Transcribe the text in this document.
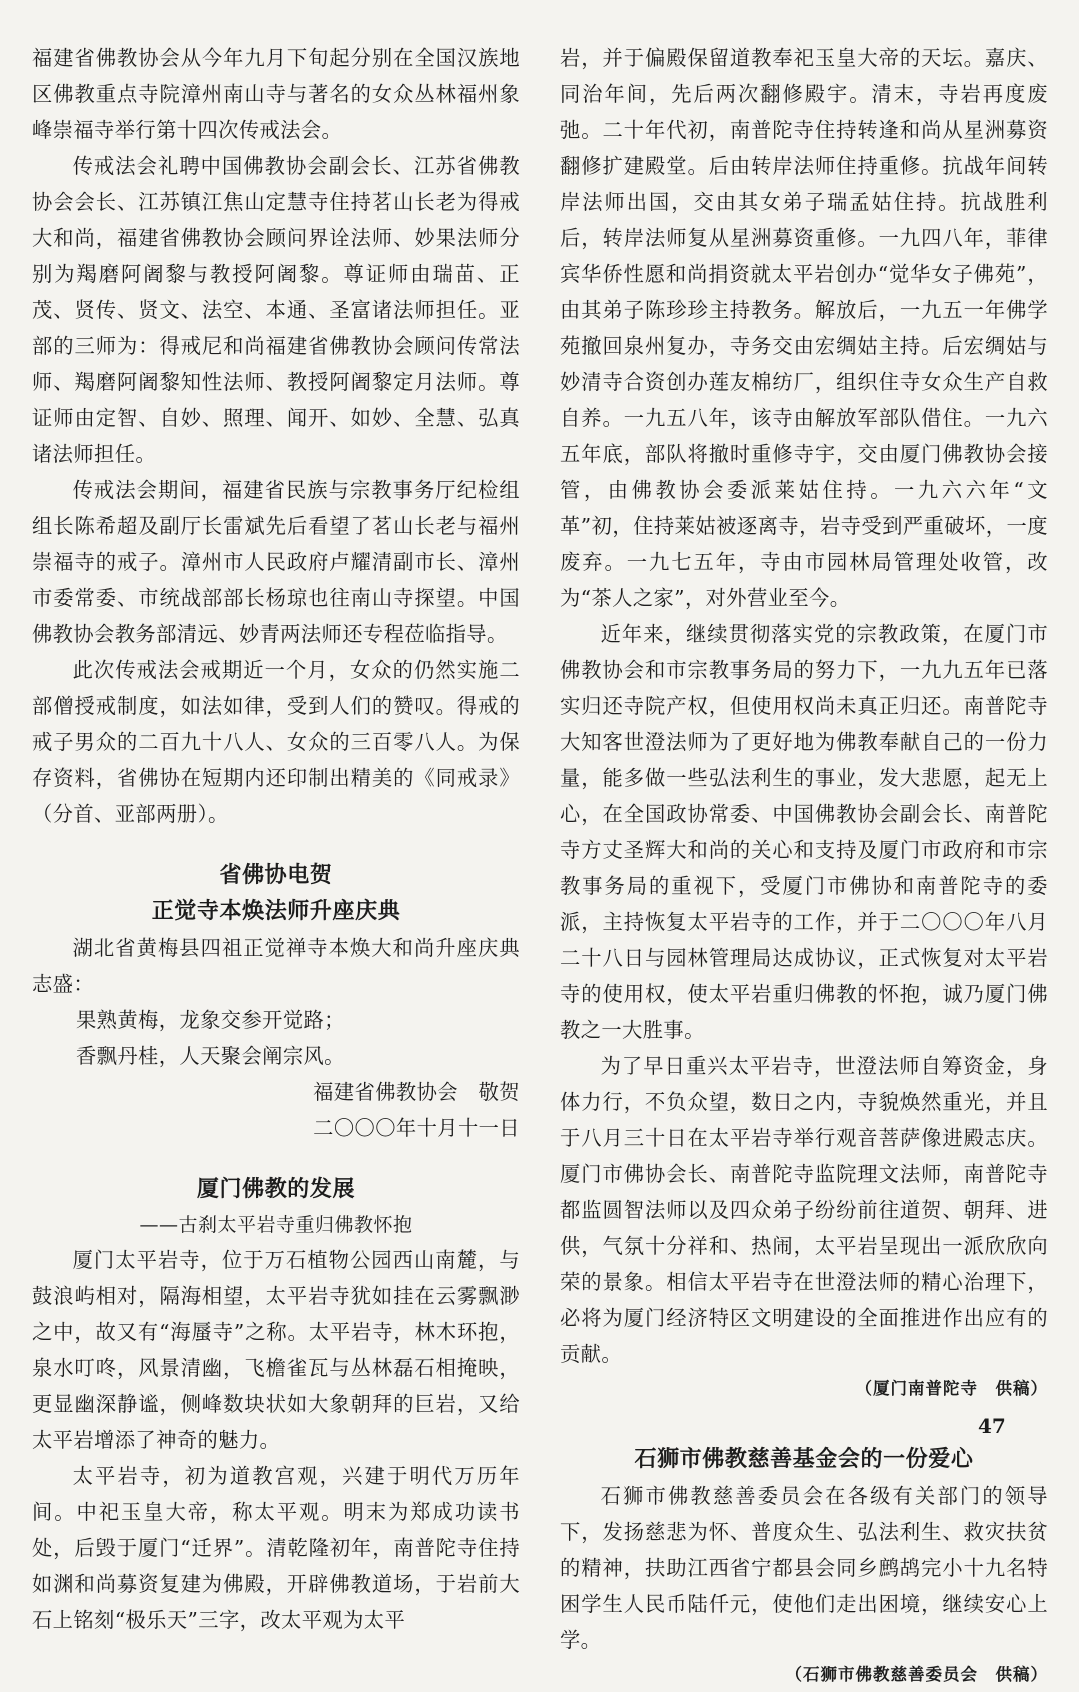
福建省佛教协会从今年九月下旬起分别在全国汉族地区佛教重点寺院漳州南山寺与著名的女众丛林福州象峰崇福寺举行第十四次传戒法会。

传戒法会礼聘中国佛教协会副会长、江苏省佛教协会会长、江苏镇江焦山定慧寺住持茗山长老为得戒大和尚，福建省佛教协会顾问界诠法师、妙果法师分别为羯磨阿阇黎与教授阿阇黎。尊证师由瑞苗、正茂、贤传、贤文、法空、本通、圣富诸法师担任。亚部的三师为：得戒尼和尚福建省佛教协会顾问传常法师、羯磨阿阇黎知性法师、教授阿阇黎定月法师。尊证师由定智、自妙、照理、闻开、如妙、全慧、弘真诸法师担任。

传戒法会期间，福建省民族与宗教事务厅纪检组组长陈希超及副厅长雷斌先后看望了茗山长老与福州崇福寺的戒子。漳州市人民政府卢耀清副市长、漳州市委常委、市统战部部长杨琼也往南山寺探望。中国佛教协会教务部清远、妙青两法师还专程莅临指导。

此次传戒法会戒期近一个月，女众的仍然实施二部僧授戒制度，如法如律，受到人们的赞叹。得戒的戒子男众的二百九十八人、女众的三百零八人。为保存资料，省佛协在短期内还印制出精美的《同戒录》（分首、亚部两册）。

省佛协电贺
正觉寺本焕法师升座庆典

湖北省黄梅县四祖正觉禅寺本焕大和尚升座庆典志盛：

果熟黄梅，龙象交参开觉路；

香飘丹桂，人天聚会阐宗风。

福建省佛教协会　敬贺

二〇〇〇年十月十一日

厦门佛教的发展
——古刹太平岩寺重归佛教怀抱

厦门太平岩寺，位于万石植物公园西山南麓，与鼓浪屿相对，隔海相望，太平岩寺犹如挂在云雾飘渺之中，故又有“海蜃寺”之称。太平岩寺，林木环抱，泉水叮咚，风景清幽，飞檐雀瓦与丛林磊石相掩映，更显幽深静谧，侧峰数块状如大象朝拜的巨岩，又给太平岩增添了神奇的魅力。

太平岩寺，初为道教宫观，兴建于明代万历年间。中祀玉皇大帝，称太平观。明末为郑成功读书处，后毁于厦门“迁界”。清乾隆初年，南普陀寺住持如渊和尚募资复建为佛殿，开辟佛教道场，于岩前大石上铭刻“极乐天”三字，改太平观为太平

岩，并于偏殿保留道教奉祀玉皇大帝的天坛。嘉庆、同治年间，先后两次翻修殿宇。清末，寺岩再度废弛。二十年代初，南普陀寺住持转逢和尚从星洲募资翻修扩建殿堂。后由转岸法师住持重修。抗战年间转岸法师出国，交由其女弟子瑞孟姑住持。抗战胜利后，转岸法师复从星洲募资重修。一九四八年，菲律宾华侨性愿和尚捐资就太平岩创办“觉华女子佛苑”，由其弟子陈珍珍主持教务。解放后，一九五一年佛学苑撤回泉州复办，寺务交由宏绸姑主持。后宏绸姑与妙清寺合资创办莲友棉纺厂，组织住寺女众生产自救自养。一九五八年，该寺由解放军部队借住。一九六五年底，部队将撤时重修寺宇，交由厦门佛教协会接管，由佛教协会委派莱姑住持。一九六六年“文革”初，住持莱姑被逐离寺，岩寺受到严重破坏，一度废弃。一九七五年，寺由市园林局管理处收管，改为“茶人之家”，对外营业至今。

近年来，继续贯彻落实党的宗教政策，在厦门市佛教协会和市宗教事务局的努力下，一九九五年已落实归还寺院产权，但使用权尚未真正归还。南普陀寺大知客世澄法师为了更好地为佛教奉献自己的一份力量，能多做一些弘法利生的事业，发大悲愿，起无上心，在全国政协常委、中国佛教协会副会长、南普陀寺方丈圣辉大和尚的关心和支持及厦门市政府和市宗教事务局的重视下，受厦门市佛协和南普陀寺的委派，主持恢复太平岩寺的工作，并于二〇〇〇年八月二十八日与园林管理局达成协议，正式恢复对太平岩寺的使用权，使太平岩重归佛教的怀抱，诚乃厦门佛教之一大胜事。

为了早日重兴太平岩寺，世澄法师自筹资金，身体力行，不负众望，数日之内，寺貌焕然重光，并且于八月三十日在太平岩寺举行观音菩萨像进殿志庆。厦门市佛协会长、南普陀寺监院理文法师，南普陀寺都监圆智法师以及四众弟子纷纷前往道贺、朝拜、进供，气氛十分祥和、热闹，太平岩呈现出一派欣欣向荣的景象。相信太平岩寺在世澄法师的精心治理下，必将为厦门经济特区文明建设的全面推进作出应有的贡献。

（厦门南普陀寺　供稿）

石狮市佛教慈善基金会的一份爱心

石狮市佛教慈善委员会在各级有关部门的领导下，发扬慈悲为怀、普度众生、弘法利生、救灾扶贫的精神，扶助江西省宁都县会同乡鹧鸪完小十九名特困学生人民币陆仟元，使他们走出困境，继续安心上学。

（石狮市佛教慈善委员会　供稿）

47
